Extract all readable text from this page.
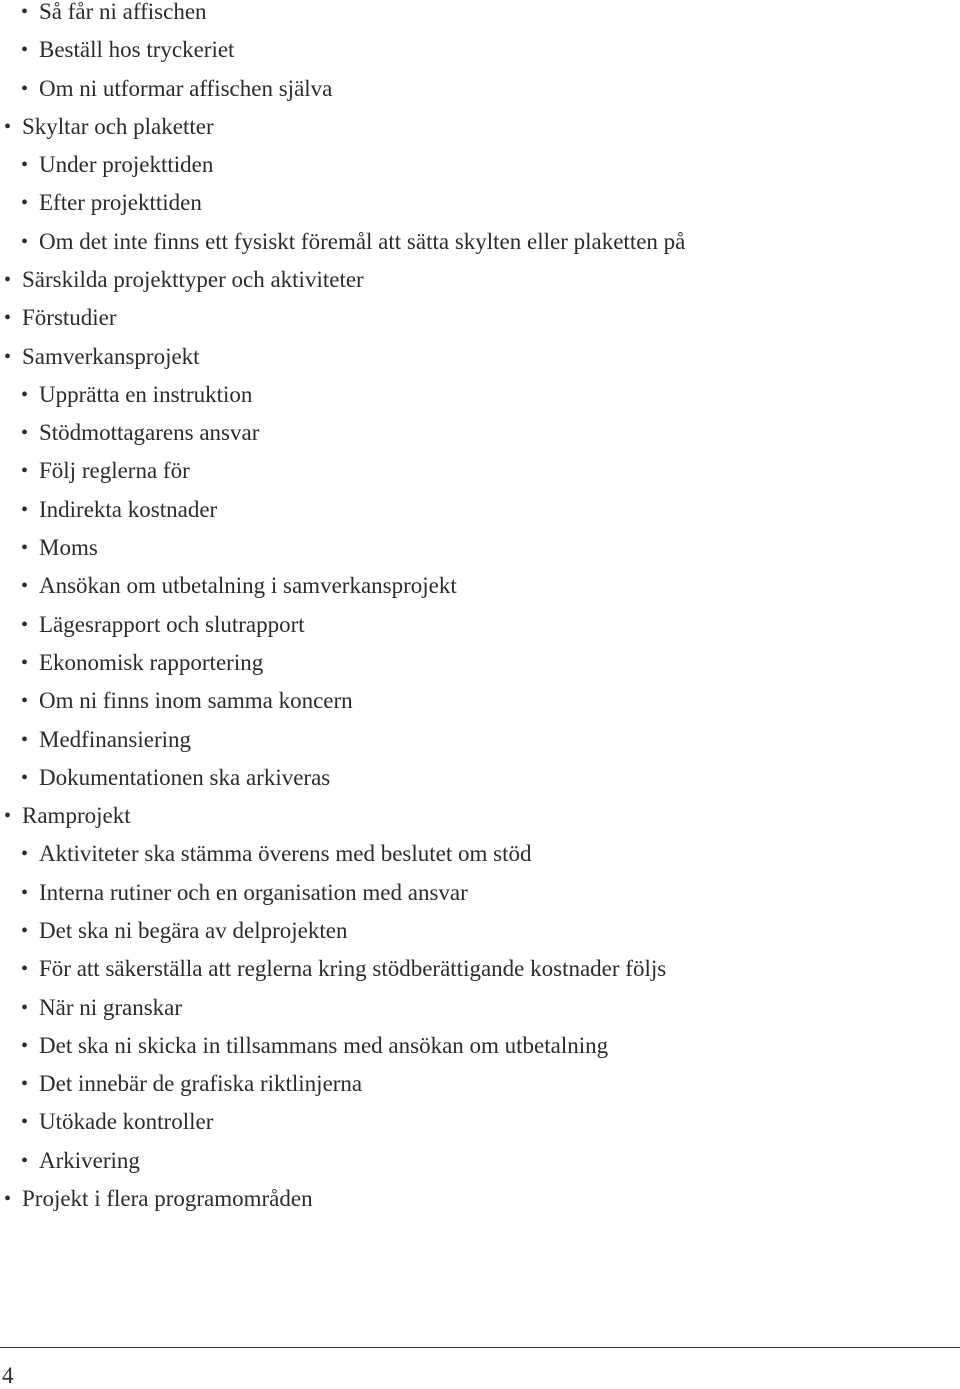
• Så får ni affischen
• Beställ hos tryckeriet
• Om ni utformar affischen själva
• Skyltar och plaketter
• Under projekttiden
• Efter projekttiden
• Om det inte finns ett fysiskt föremål att sätta skylten eller plaketten på
• Särskilda projekttyper och aktiviteter
• Förstudier
• Samverkansprojekt
• Upprätta en instruktion
• Stödmottagarens ansvar
• Följ reglerna för
• Indirekta kostnader
• Moms
• Ansökan om utbetalning i samverkansprojekt
• Lägesrapport och slutrapport
• Ekonomisk rapportering
• Om ni finns inom samma koncern
• Medfinansiering
• Dokumentationen ska arkiveras
• Ramprojekt
• Aktiviteter ska stämma överens med beslutet om stöd
• Interna rutiner och en organisation med ansvar
• Det ska ni begära av delprojekten
• För att säkerställa att reglerna kring stödberättigande kostnader följs
• När ni granskar
• Det ska ni skicka in tillsammans med ansökan om utbetalning
• Det innebär de grafiska riktlinjerna
• Utökade kontroller
• Arkivering
• Projekt i flera programområden
4
